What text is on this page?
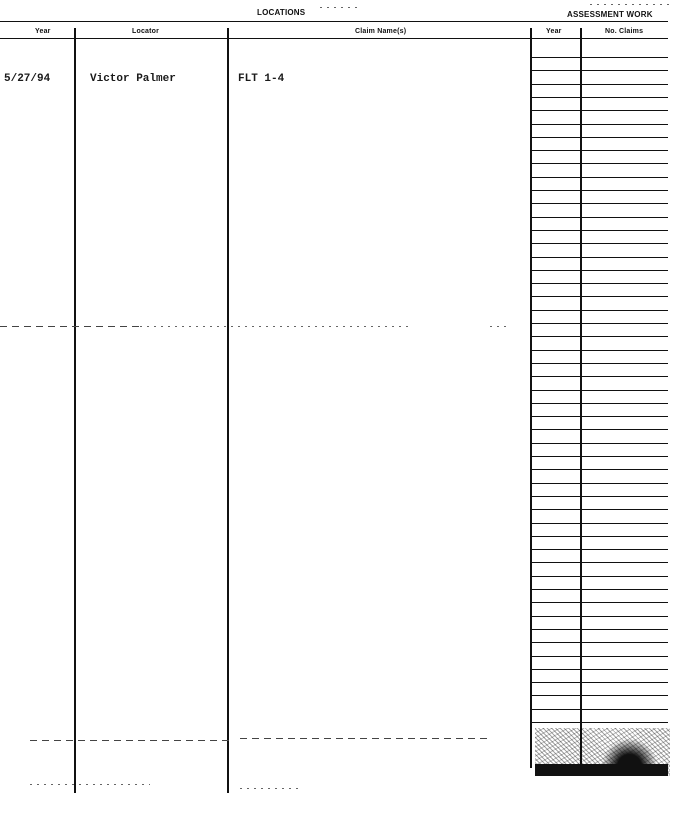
LOCATIONS	ASSESSMENT WORK
Year	Locator	Claim Name(s)	Year	No. Claims
5/27/94	Victor Palmer	FLT 1-4
